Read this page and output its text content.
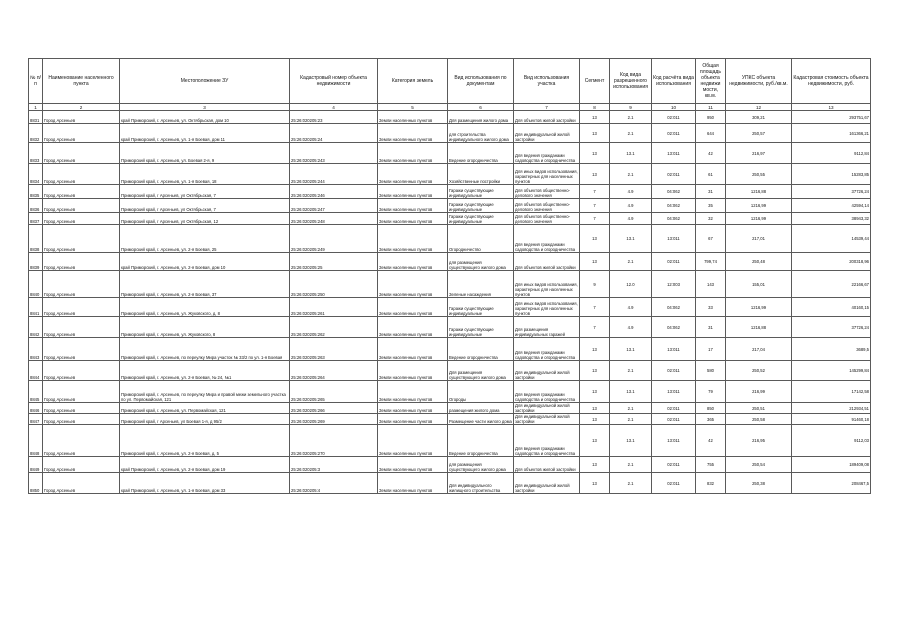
№ п/п	Наименование населенного пункта	Местоположение ЗУ	Кадастровый номер объекта недвижимости	Категория земель	Вид использования по документам	Вид использования участка	Сегмент	Код вида разрешенного использования	Код расчёта вида использования	Общая площадь объекта недвижи мости, кв.м.	УПКС объекта недвижимости, руб./кв.м.	Кадастровая стоимость объекта недвижимости, руб.
1	2	3	4	5	6	7	8	9	10	11	12	13
8831	Город Арсеньев	край Приморский, г. Арсеньев, ул. Октябрьская, дом 10	25:26:020205:23	Земли населенных пунктов	Для размещения жилого дома	Для объектов жилой застройки	13	2.1	02:011	950	309,21	293751,67
8832	Город Арсеньев	край Приморский, г. Арсеньев, ул. 1-я Боевая, дом 11	25:26:020205:24	Земли населенных пунктов	для строительства индивидуального жилого дома	Для индивидуальной жилой застройки	13	2.1	02:011	644	250,57	161366,21
8833	Город Арсеньев	Приморский край, г. Арсеньев, ул. Боевая 2-я, 9	25:26:020205:243	Земли населенных пунктов	Ведение огородничества	Для ведения гражданами садоводства и огородничества	13	13.1	13:011	42	216,97	9112,84
8834	Город Арсеньев	Приморский край, г. Арсеньев, ул. 1-я Боевая, 18	25:26:020205:244	Земли населенных пунктов	Хозяйственные постройки	Для иных видов использования, характерных для населенных пунктов	13	2.1	02:011	61	250,55	15283,85
8835	Город Арсеньев	Приморский край, г Арсеньев, ул Октябрьская, 7	25:26:020205:246	Земли населенных пунктов	Гаражи существующие индивидуальные	Для объектов общественно-делового значения	7	4.9	04:062	31	1216,88	37726,24
8836	Город Арсеньев	Приморский край, г Арсеньев, ул Октябрьская, 7	25:26:020205:247	Земли населенных пунктов	Гаражи существующие индивидуальные	Для объектов общественно-делового значения	7	4.9	04:062	35	1216,99	42594,14
8837	Город Арсеньев	Приморский край, г Арсеньев, ул Октябрьская, 12	25:26:020205:248	Земли населенных пунктов	Гаражи существующие индивидуальные	Для объектов общественно-делового значения	7	4.9	04:062	32	1216,99	38943,32
8838	Город Арсеньев	Приморский край, г. Арсеньев, ул. 2-я Боевая, 25	25:26:020205:249	Земли населенных пунктов	Огородничество	Для ведения гражданами садоводства и огородничества	13	13.1	13:011	67	217,01	14539,44
8839	Город Арсеньев	край Приморский, г. Арсеньев, ул. 2-я Боевая, дом 10	25:26:020205:25	Земли населенных пунктов	для размещения существующего жилого дома	Для объектов жилой застройки	13	2.1	02:011	799,74	250,48	200318,96
8840	Город Арсеньев	Приморский край, г. Арсеньев, ул. 2-я Боевая, 37	25:26:020205:250	Земли населенных пунктов	Зеленые насаждения	Для иных видов использования, характерных для населенных пунктов	9	12.0	12:003	143	155,01	22166,67
8841	Город Арсеньев	Приморский край, г. Арсеньев, ул. Жуковского, д. 8	25:26:020205:261	Земли населенных пунктов	Гаражи существующие индивидуальные	Для иных видов использования, характерных для населенных пунктов	7	4.9	04:062	33	1216,99	40160,15
8842	Город Арсеньев	Приморский край, г. Арсеньев, ул. Жуковского, 8	25:26:020205:262	Земли населенных пунктов	Гаражи существующие индивидуальные	Для размещения индивидуальных гаражей	7	4.9	04:062	31	1216,88	37726,24
8843	Город Арсеньев	Приморский край, г. Арсеньев, по переулку Мира участок № 33/2 по ул. 1-я Боевая	25:26:020205:263	Земли населенных пунктов	Ведение огородничества	Для ведения гражданами садоводства и огородничества	13	13.1	13:011	17	217,04	3689,5
8844	Город Арсеньев	Приморский край, г. Арсеньев, ул. 2-я Боевая, № 24, №1	25:26:020205:264	Земли населенных пунктов	Для размещения существующего жилого дома	Для индивидуальной жилой застройки	13	2.1	02:011	580	250,52	145299,84
8845	Город Арсеньев	Приморский край, г. Арсеньев, по переулку Мира и правой межи земельного участка по ул. Первомайская, 121	25:26:020205:265	Земли населенных пунктов	Огороды	Для ведения гражданами садоводства и огородничества	13	13.1	13:011	79	216,99	17142,58
8846	Город Арсеньев	Приморский край, г. Арсеньев, ул. Первомайская, 121	25:26:020205:266	Земли населенных пунктов	размещения жилого дома	Для индивидуальной жилой застройки	13	2.1	02:011	850	250,51	212934,51
8847	Город Арсеньев	Приморский край, г Арсеньев, ул Боевая 1-я, д 95/2	25:26:020205:269	Земли населенных пунктов	Размещение части жилого дома	Для индивидуальной жилой застройки	13	2.1	02:011	365	250,58	91460,18
8848	Город Арсеньев	Приморский край, г. Арсеньев, ул. 2-я Боевая, д. 5	25:26:020205:270	Земли населенных пунктов	Ведение огородничества	Для ведения гражданами садоводства и огородничества	13	13.1	13:011	42	216,95	9112,03
8849	Город Арсеньев	край Приморский, г. Арсеньев, ул. 2-я Боевая, дом 19	25:26:020205:3	Земли населенных пунктов	для размещения существующего жилого дома	Для объектов жилой застройки	13	2.1	02:011	755	250,54	189409,08
8850	Город Арсеньев	край Приморский, г. Арсеньев, ул. 1-я Боевая, дом 33	25:26:020205:4	Земли населенных пунктов	Для индивидуального жилищного строительства	Для индивидуальной жилой застройки	13	2.1	02:011	832	250,38	208467,5
